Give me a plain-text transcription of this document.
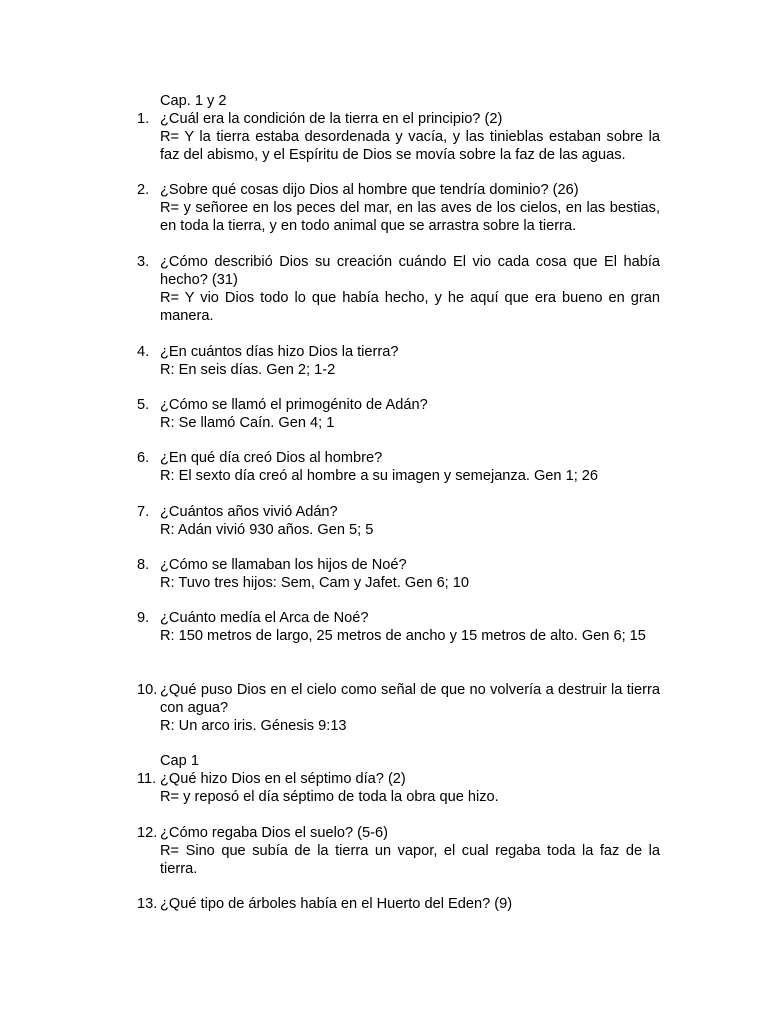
Cap. 1 y 2
1. ¿Cuál era la condición de la tierra en el principio? (2)
R= Y la tierra estaba desordenada y vacía, y las tinieblas estaban sobre la faz del abismo, y el Espíritu de Dios se movía sobre la faz de las aguas.
2. ¿Sobre qué cosas dijo Dios al hombre que tendría dominio? (26)
R= y señoree en los peces del mar, en las aves de los cielos, en las bestias, en toda la tierra, y en todo animal que se arrastra sobre la tierra.
3. ¿Cómo describió Dios su creación cuándo El vio cada cosa que El había hecho? (31)
R= Y vio Dios todo lo que había hecho, y he aquí que era bueno en gran manera.
4. ¿En cuántos días hizo Dios la tierra?
R: En seis días. Gen 2; 1-2
5. ¿Cómo se llamó el primogénito de Adán?
R: Se llamó Caín. Gen 4; 1
6. ¿En qué día creó Dios al hombre?
R: El sexto día creó al hombre a su imagen y semejanza. Gen 1; 26
7. ¿Cuántos años vivió Adán?
R: Adán vivió 930 años. Gen 5; 5
8. ¿Cómo se llamaban los hijos de Noé?
R: Tuvo tres hijos: Sem, Cam y Jafet. Gen 6; 10
9. ¿Cuánto medía el Arca de Noé?
R: 150 metros de largo, 25 metros de ancho y 15 metros de alto. Gen 6; 15
10. ¿Qué puso Dios en el cielo como señal de que no volvería a destruir la tierra con agua?
R: Un arco iris. Génesis 9:13
Cap 1
11. ¿Qué hizo Dios en el séptimo día? (2)
R= y reposó el día séptimo de toda la obra que hizo.
12. ¿Cómo regaba Dios el suelo? (5-6)
R= Sino que subía de la tierra un vapor, el cual regaba toda la faz de la tierra.
13. ¿Qué tipo de árboles había en el Huerto del Eden? (9)
